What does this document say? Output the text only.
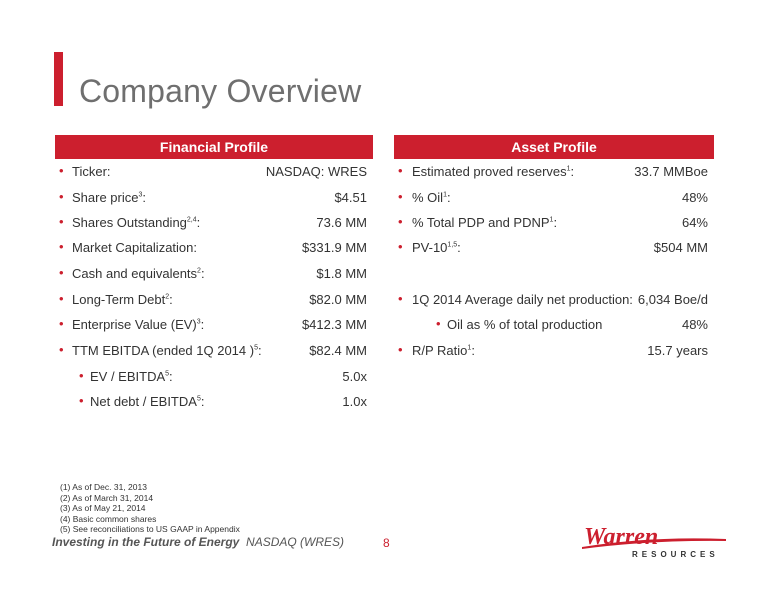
Company Overview
Financial Profile
• Ticker:	NASDAQ: WRES
• Share price$^3$:	$4.51
• Shares Outstanding$^{2,4}$:	73.6 MM
• Market Capitalization:	$331.9 MM
• Cash and equivalents$^2$:	$1.8 MM
• Long-Term Debt$^2$:	$82.0 MM
• Enterprise Value (EV)$^3$:	$412.3 MM
• TTM EBITDA (ended 1Q 2014 )$^5$:	$82.4 MM
• EV / EBITDA$^5$:	5.0x
• Net debt / EBITDA$^5$:	1.0x
Asset Profile
• Estimated proved reserves$^1$:	33.7 MMBoe
• % Oil$^1$:	48%
• % Total PDP and PDNP$^1$:	64%
• PV-10$^{1,5}$:	$504 MM
• 1Q 2014 Average daily net production: 6,034 Boe/d
• Oil as % of total production	48%
• R/P Ratio$^1$:	15.7 years
(1) As of Dec. 31, 2013
(2) As of March 31, 2014
(3) As of May 21, 2014
(4) Basic common shares
(5) See reconciliations to US GAAP in Appendix
Investing in the Future of Energy NASDAQ (WRES)	8	Warren
RESOURCES
